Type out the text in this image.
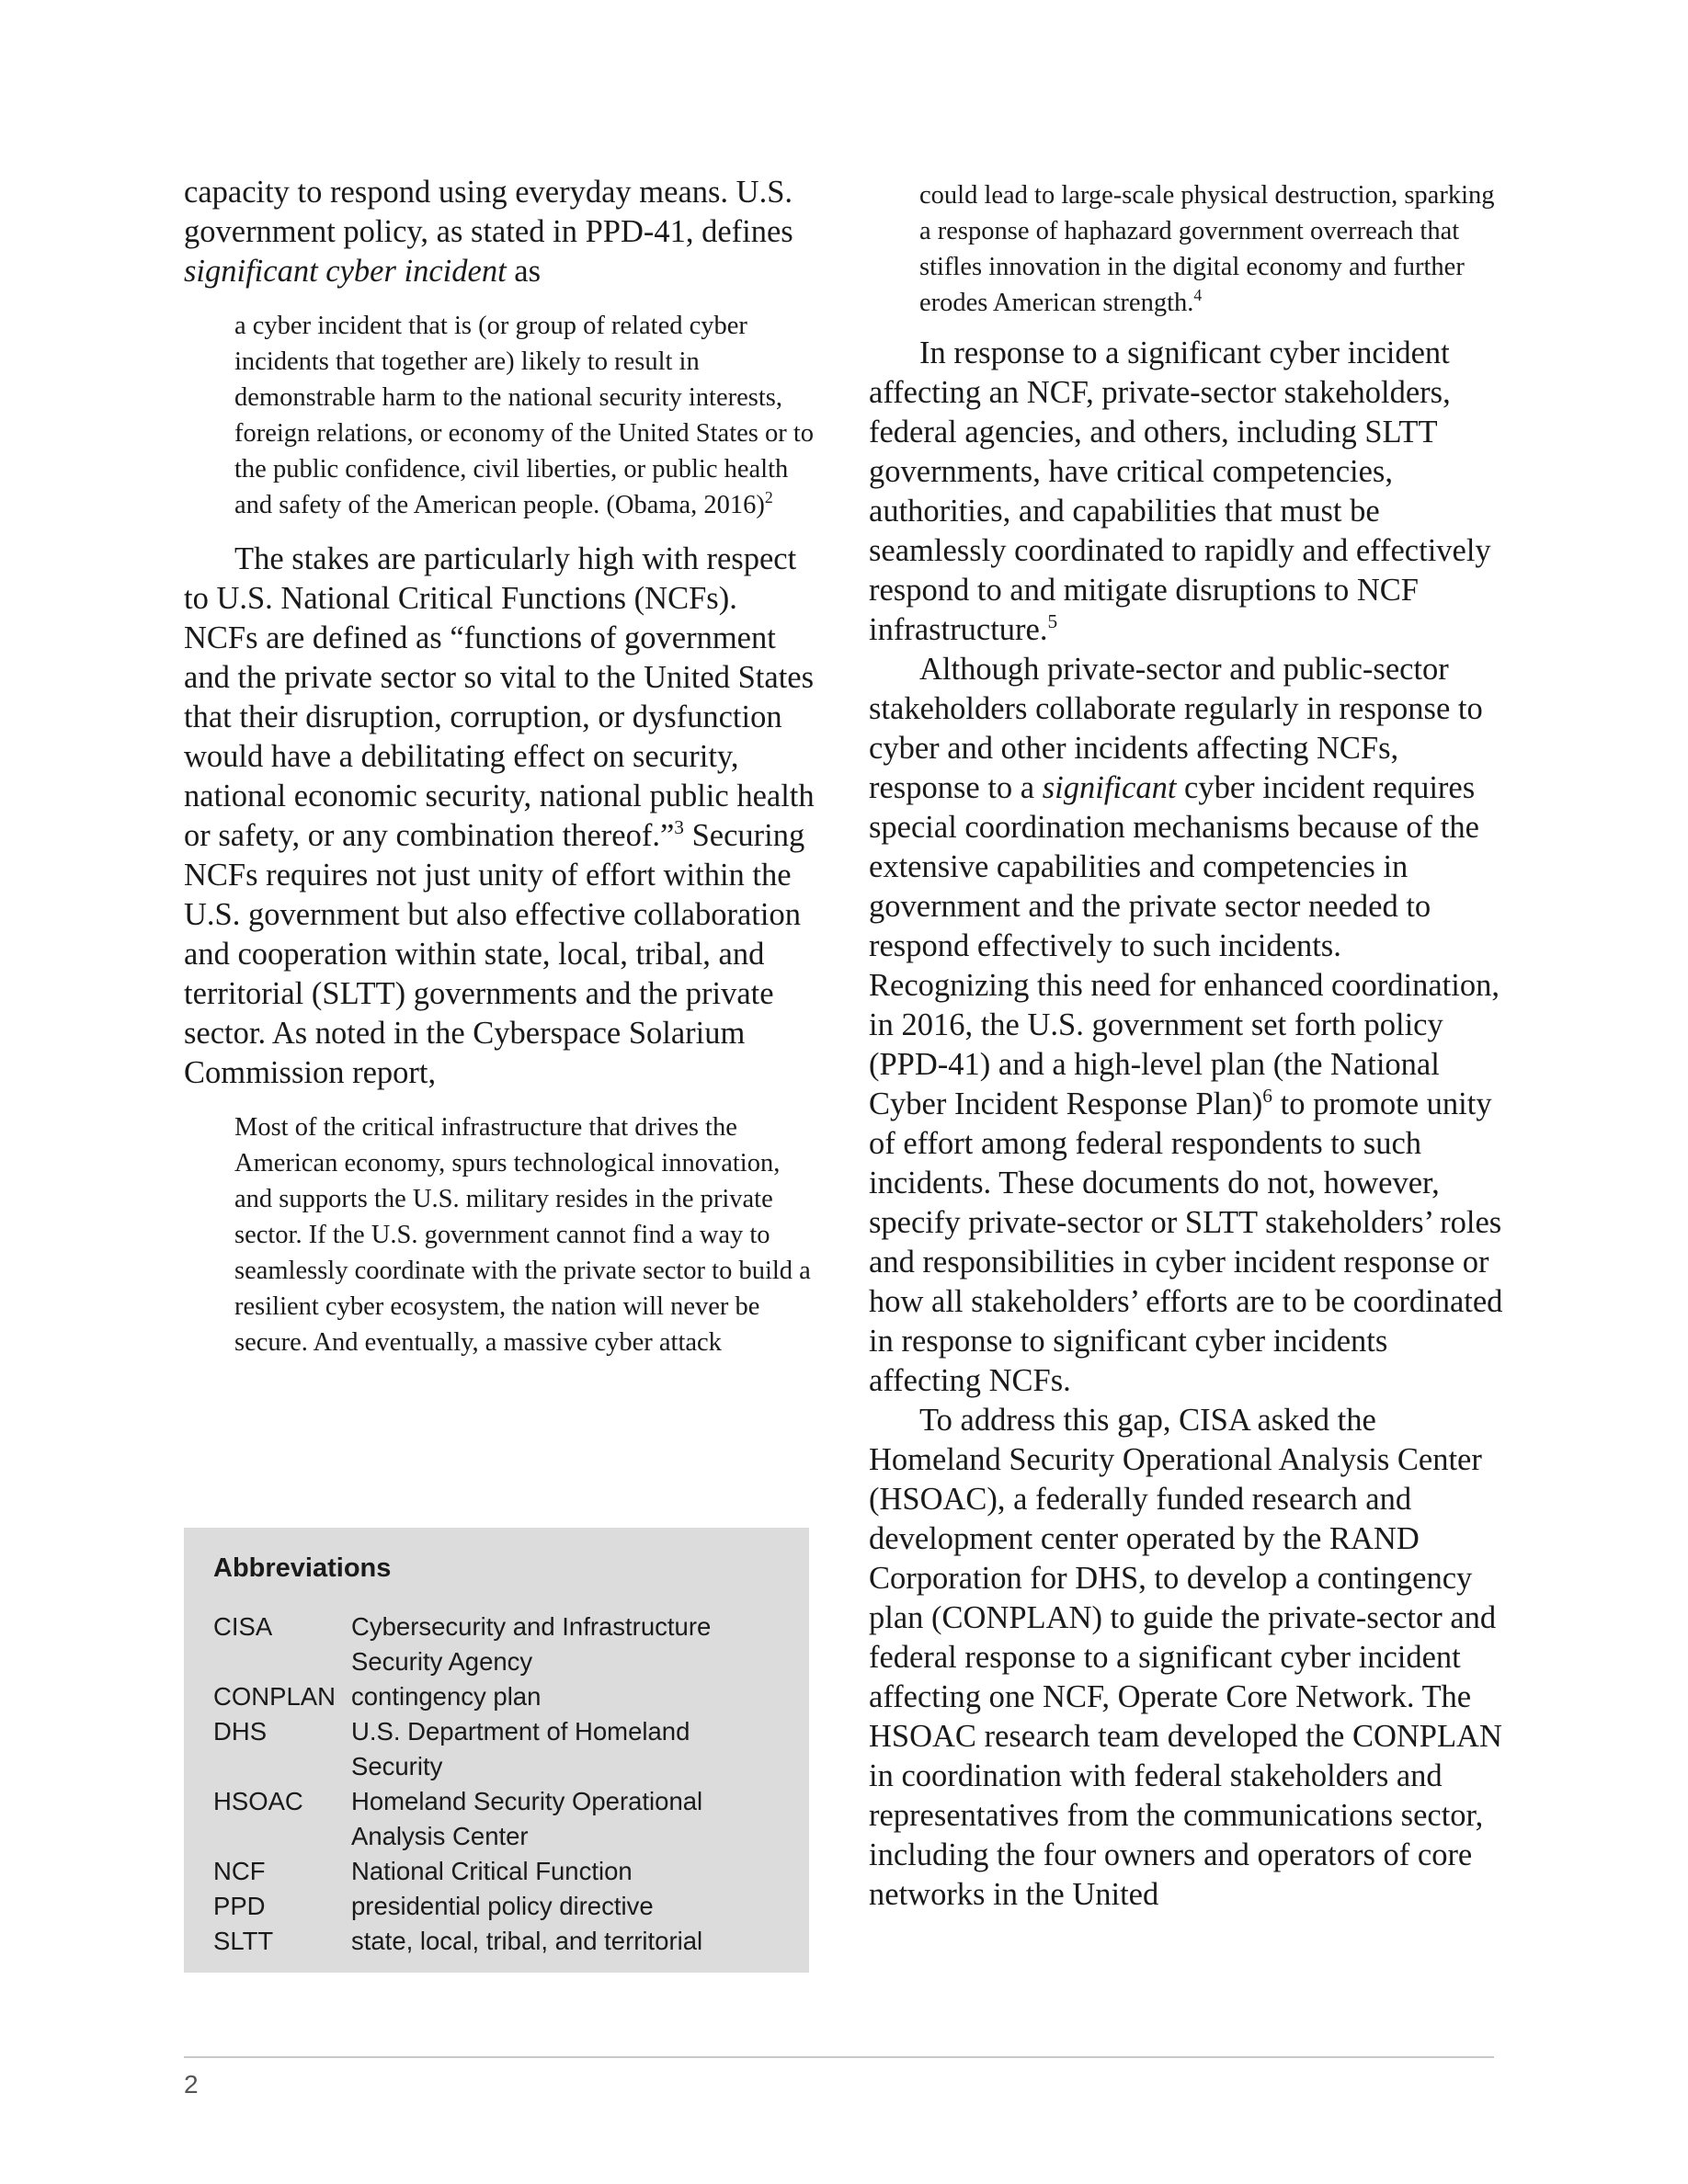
capacity to respond using everyday means. U.S. government policy, as stated in PPD-41, defines significant cyber incident as

a cyber incident that is (or group of related cyber incidents that together are) likely to result in demonstrable harm to the national security interests, foreign relations, or economy of the United States or to the public confidence, civil liberties, or public health and safety of the American people. (Obama, 2016)$^2$

The stakes are particularly high with respect to U.S. National Critical Functions (NCFs). NCFs are defined as “functions of government and the private sector so vital to the United States that their disruption, corruption, or dysfunction would have a debilitating effect on security, national economic security, national public health or safety, or any combination thereof.”$^3$ Securing NCFs requires not just unity of effort within the U.S. government but also effective collaboration and cooperation within state, local, tribal, and territorial (SLTT) governments and the private sector. As noted in the Cyberspace Solarium Commission report,

Most of the critical infrastructure that drives the American economy, spurs technological innovation, and supports the U.S. military resides in the private sector. If the U.S. government cannot find a way to seamlessly coordinate with the private sector to build a resilient cyber ecosystem, the nation will never be secure. And eventually, a massive cyber attack

could lead to large-scale physical destruction, sparking a response of haphazard government overreach that stifles innovation in the digital economy and further erodes American strength.$^4$

In response to a significant cyber incident affecting an NCF, private-sector stakeholders, federal agencies, and others, including SLTT governments, have critical competencies, authorities, and capabilities that must be seamlessly coordinated to rapidly and effectively respond to and mitigate disruptions to NCF infrastructure.$^5$

Although private-sector and public-sector stakeholders collaborate regularly in response to cyber and other incidents affecting NCFs, response to a significant cyber incident requires special coordination mechanisms because of the extensive capabilities and competencies in government and the private sector needed to respond effectively to such incidents. Recognizing this need for enhanced coordination, in 2016, the U.S. government set forth policy (PPD-41) and a high-level plan (the National Cyber Incident Response Plan)$^6$ to promote unity of effort among federal respondents to such incidents. These documents do not, however, specify private-sector or SLTT stakeholders’ roles and responsibilities in cyber incident response or how all stakeholders’ efforts are to be coordinated in response to significant cyber incidents affecting NCFs.

To address this gap, CISA asked the Homeland Security Operational Analysis Center (HSOAC), a federally funded research and development center operated by the RAND Corporation for DHS, to develop a contingency plan (CONPLAN) to guide the private-sector and federal response to a significant cyber incident affecting one NCF, Operate Core Network. The HSOAC research team developed the CONPLAN in coordination with federal stakeholders and representatives from the communications sector, including the four owners and operators of core networks in the United

Abbreviations

CISA	Cybersecurity and Infrastructure Security Agency
CONPLAN	contingency plan
DHS	U.S. Department of Homeland Security
HSOAC	Homeland Security Operational Analysis Center
NCF	National Critical Function
PPD	presidential policy directive
SLTT	state, local, tribal, and territorial

2
